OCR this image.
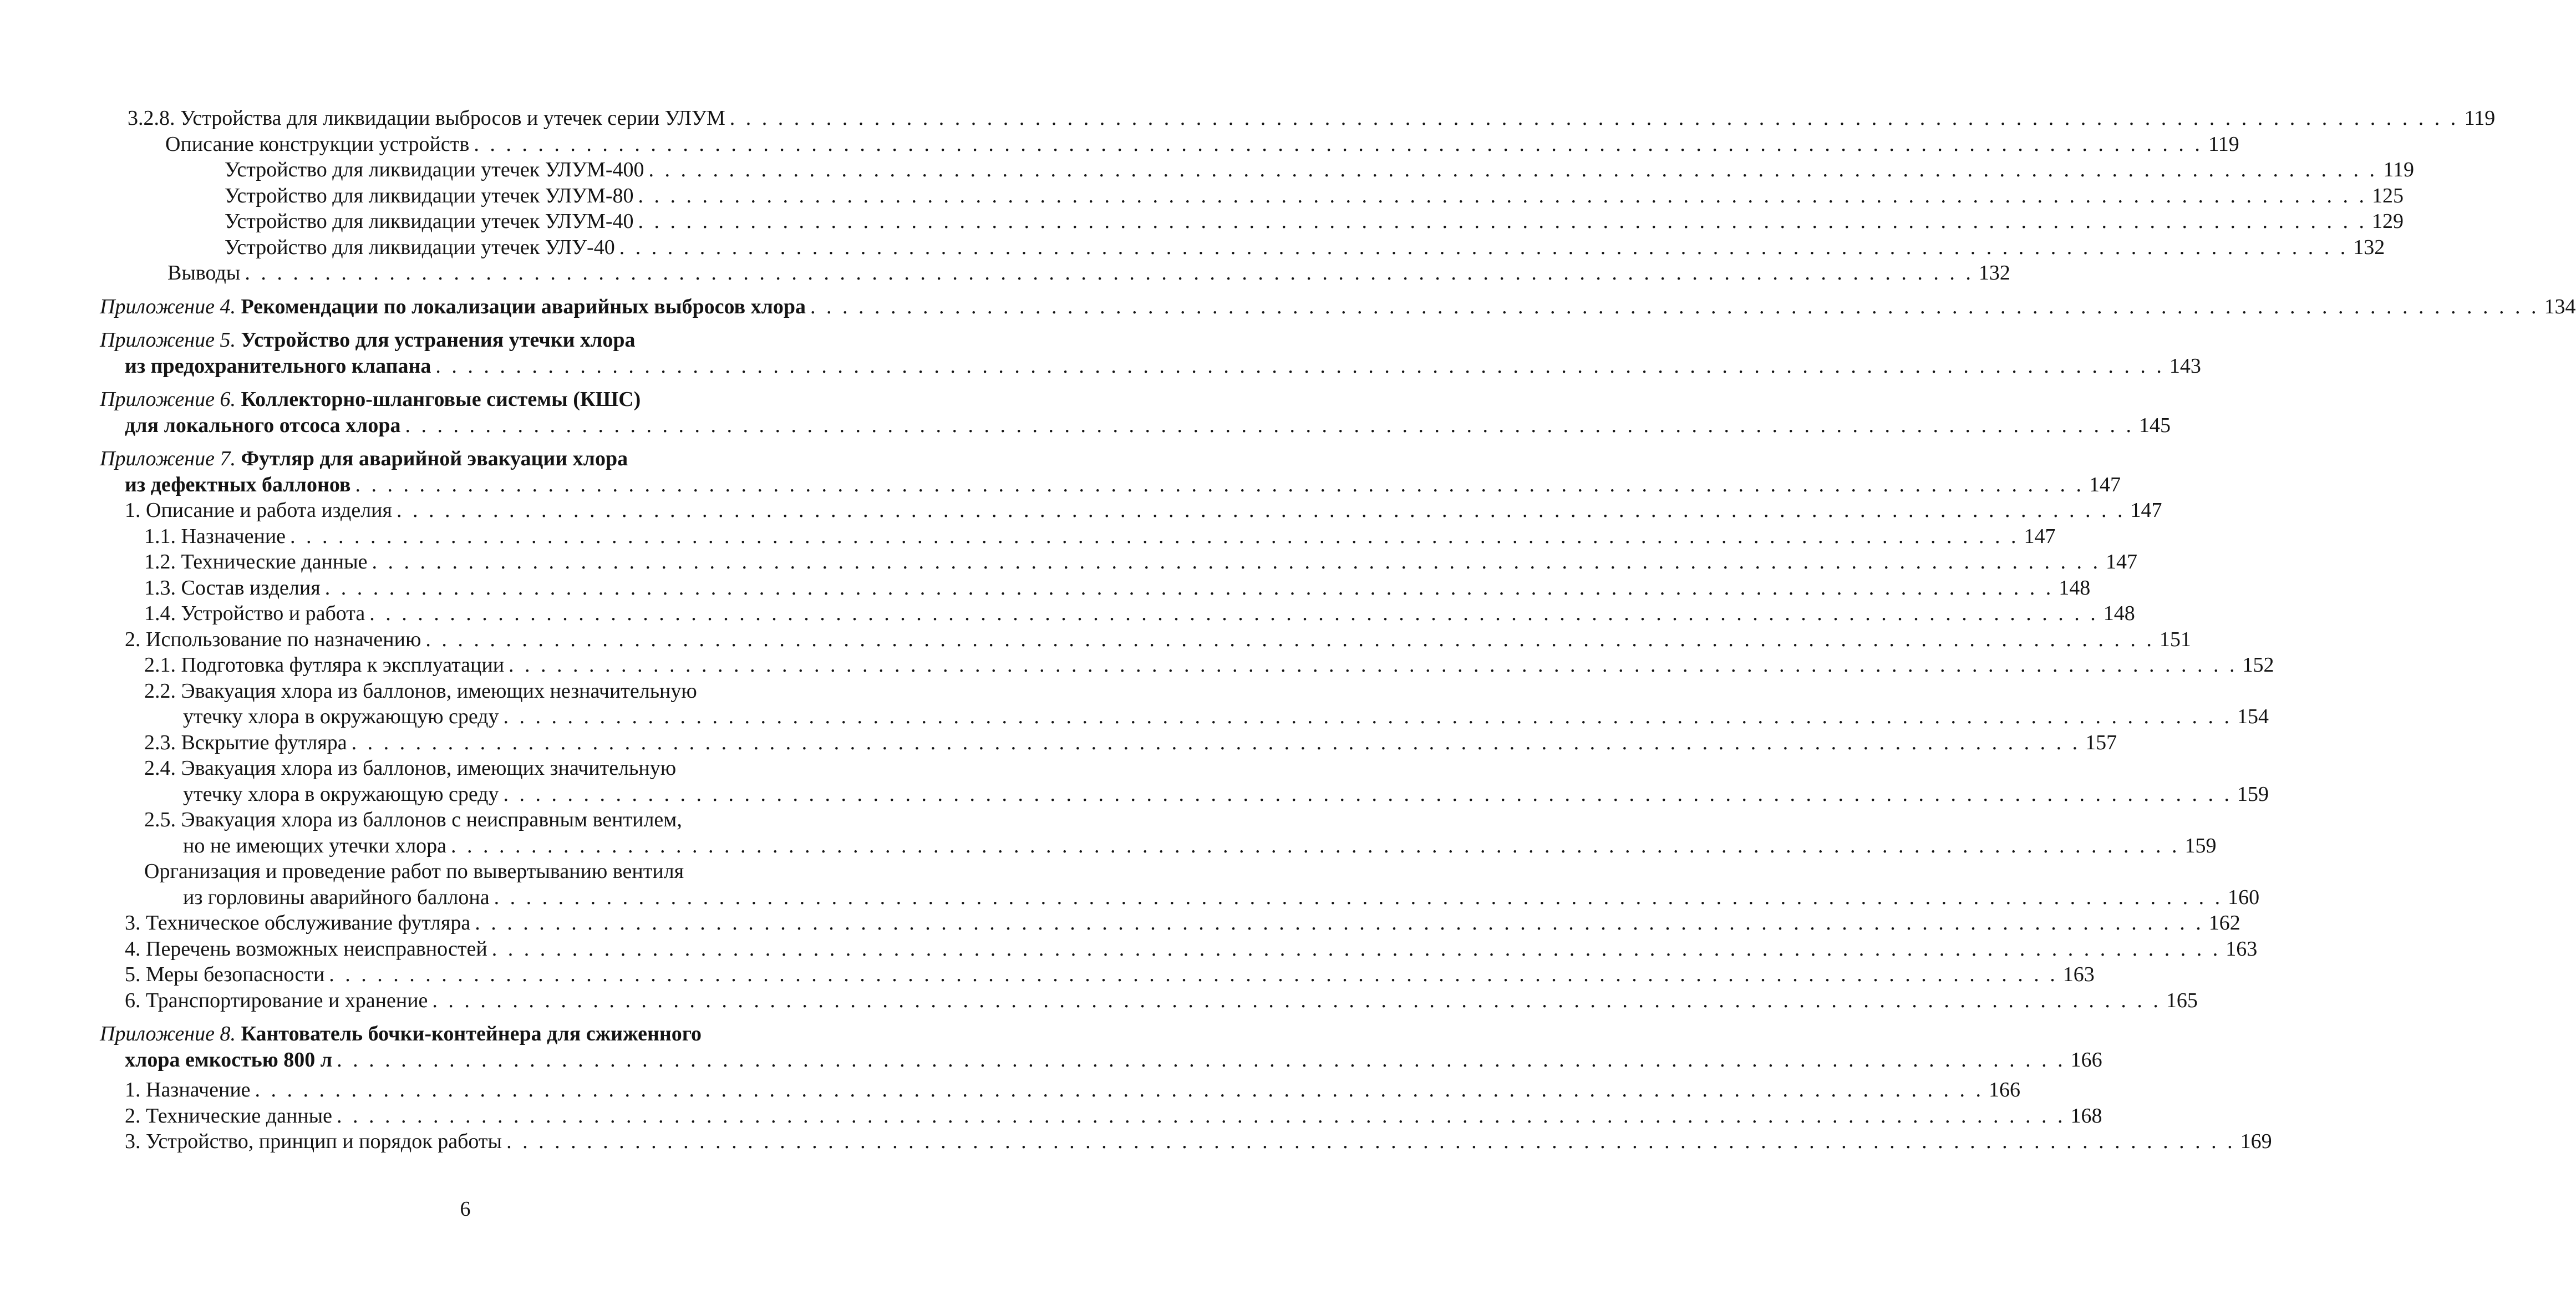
3.2.8. Устройства для ликвидации выбросов и утечек серии УЛУМ . . .	119
Описание конструкции устройств . . .	119
Устройство для ликвидации утечек УЛУМ-400 . . .	119
Устройство для ликвидации утечек УЛУМ-80 . . .	125
Устройство для ликвидации утечек УЛУМ-40 . . .	129
Устройство для ликвидации утечек УЛУ-40 . . .	132
Выводы . . .	132
Приложение 4. Рекомендации по локализации аварийных выбросов хлора . . .	134
Приложение 5. Устройство для устранения утечки хлора
из предохранительного клапана . . .	143
Приложение 6. Коллекторно-шланговые системы (КШС)
для локального отсоса хлора . . .	145
Приложение 7. Футляр для аварийной эвакуации хлора
из дефектных баллонов . . .	147
1. Описание и работа изделия . . .	147
1.1. Назначение . . .	147
1.2. Технические данные . . .	147
1.3. Состав изделия . . .	148
1.4. Устройство и работа . . .	148
2. Использование по назначению . . .	151
2.1. Подготовка футляра к эксплуатации . . .	152
2.2. Эвакуация хлора из баллонов, имеющих незначительную
утечку хлора в окружающую среду . . .	154
2.3. Вскрытие футляра . . .	157
2.4. Эвакуация хлора из баллонов, имеющих значительную
утечку хлора в окружающую среду . . .	159
2.5. Эвакуация хлора из баллонов с неисправным вентилем,
но не имеющих утечки хлора . . .	159
Организация и проведение работ по вывертыванию вентиля
из горловины аварийного баллона . . .	160
3. Техническое обслуживание футляра . . .	162
4. Перечень возможных неисправностей . . .	163
5. Меры безопасности . . .	163
6. Транспортирование и хранение . . .	165
Приложение 8. Кантователь бочки-контейнера для сжиженного
хлора емкостью 800 л . . .	166
1. Назначение . . .	166
2. Технические данные . . .	168
3. Устройство, принцип и порядок работы . . .	169
6
